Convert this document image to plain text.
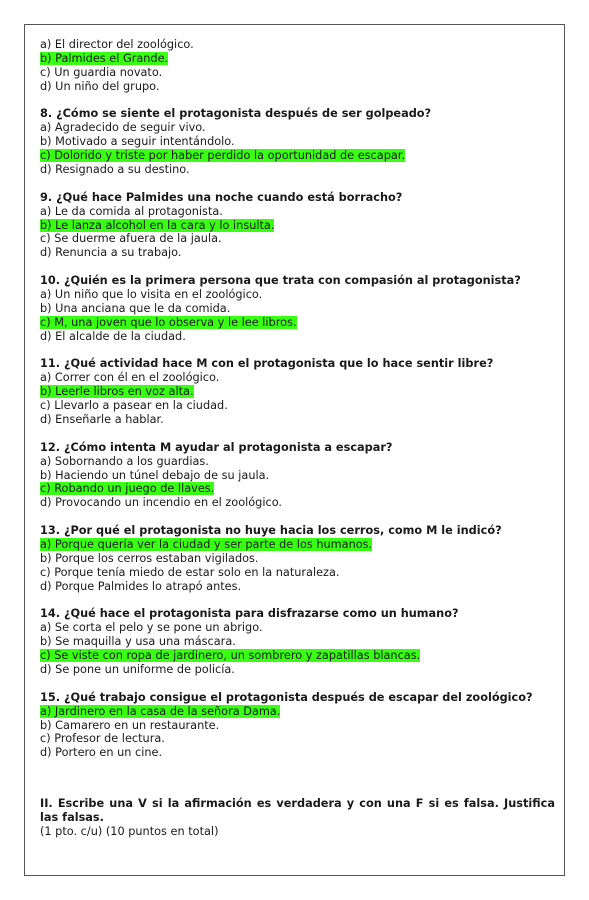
a) El director del zoológico.
b) Palmides el Grande.
c) Un guardia novato.
d) Un niño del grupo.
8. ¿Cómo se siente el protagonista después de ser golpeado?
a) Agradecido de seguir vivo.
b) Motivado a seguir intentándolo.
c) Dolorido y triste por haber perdido la oportunidad de escapar.
d) Resignado a su destino.
9. ¿Qué hace Palmides una noche cuando está borracho?
a) Le da comida al protagonista.
b) Le lanza alcohol en la cara y lo insulta.
c) Se duerme afuera de la jaula.
d) Renuncia a su trabajo.
10. ¿Quién es la primera persona que trata con compasión al protagonista?
a) Un niño que lo visita en el zoológico.
b) Una anciana que le da comida.
c) M, una joven que lo observa y le lee libros.
d) El alcalde de la ciudad.
11. ¿Qué actividad hace M con el protagonista que lo hace sentir libre?
a) Correr con él en el zoológico.
b) Leerle libros en voz alta.
c) Llevarlo a pasear en la ciudad.
d) Enseñarle a hablar.
12. ¿Cómo intenta M ayudar al protagonista a escapar?
a) Sobornando a los guardias.
b) Haciendo un túnel debajo de su jaula.
c) Robando un juego de llaves.
d) Provocando un incendio en el zoológico.
13. ¿Por qué el protagonista no huye hacia los cerros, como M le indicó?
a) Porque quería ver la ciudad y ser parte de los humanos.
b) Porque los cerros estaban vigilados.
c) Porque tenía miedo de estar solo en la naturaleza.
d) Porque Palmides lo atrapó antes.
14. ¿Qué hace el protagonista para disfrazarse como un humano?
a) Se corta el pelo y se pone un abrigo.
b) Se maquilla y usa una máscara.
c) Se viste con ropa de jardinero, un sombrero y zapatillas blancas.
d) Se pone un uniforme de policía.
15. ¿Qué trabajo consigue el protagonista después de escapar del zoológico?
a) Jardinero en la casa de la señora Dama.
b) Camarero en un restaurante.
c) Profesor de lectura.
d) Portero en un cine.
II. Escribe una V si la afirmación es verdadera y con una F si es falsa. Justifica las falsas.
(1 pto. c/u) (10 puntos en total)
